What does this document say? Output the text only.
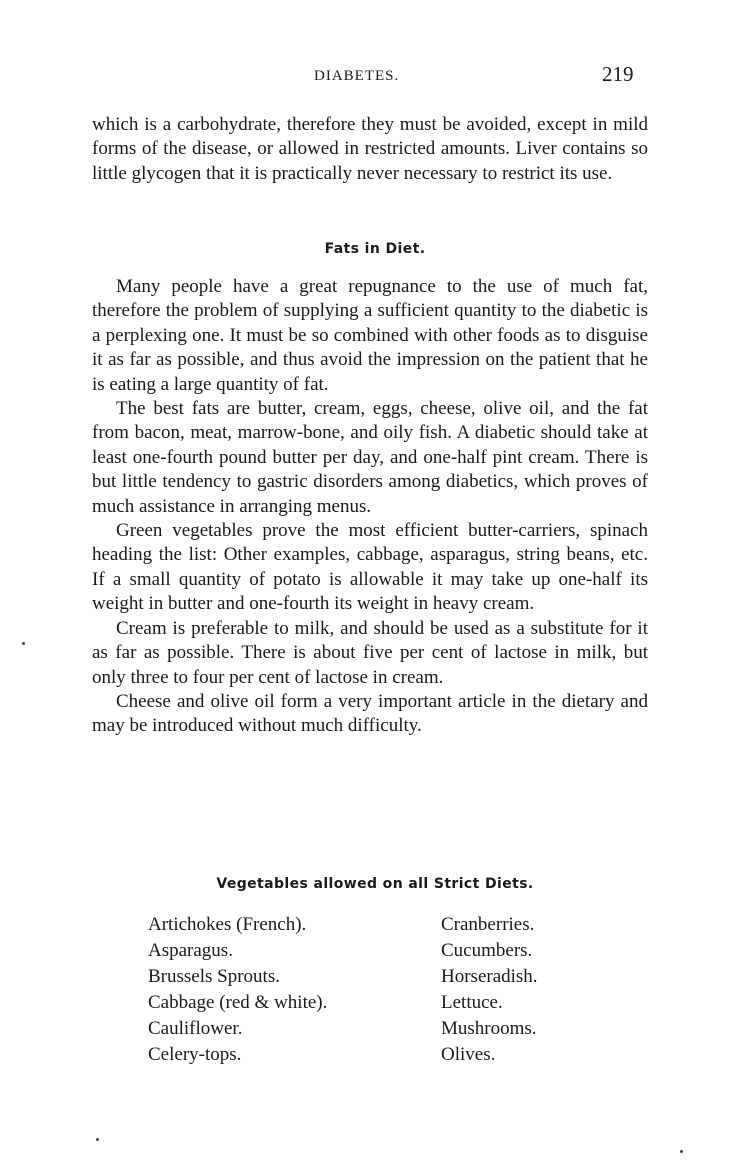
DIABETES.	219

which is a carbohydrate, therefore they must be avoided, except in mild forms of the disease, or allowed in restricted amounts. Liver contains so little glycogen that it is practically never necessary to restrict its use.

Fats in Diet.

Many people have a great repugnance to the use of much fat, therefore the problem of supplying a sufficient quantity to the diabetic is a perplexing one. It must be so combined with other foods as to disguise it as far as possible, and thus avoid the impression on the patient that he is eating a large quantity of fat.

The best fats are butter, cream, eggs, cheese, olive oil, and the fat from bacon, meat, marrow-bone, and oily fish. A diabetic should take at least one-fourth pound butter per day, and one-half pint cream. There is but little tendency to gastric disorders among diabetics, which proves of much assistance in arranging menus.

Green vegetables prove the most efficient butter-carriers, spinach heading the list: Other examples, cabbage, asparagus, string beans, etc. If a small quantity of potato is allowable it may take up one-half its weight in butter and one-fourth its weight in heavy cream.

Cream is preferable to milk, and should be used as a substitute for it as far as possible. There is about five per cent of lactose in milk, but only three to four per cent of lactose in cream.

Cheese and olive oil form a very important article in the dietary and may be introduced without much difficulty.

Vegetables allowed on all Strict Diets.
Artichokes (French).
Asparagus.
Brussels Sprouts.
Cabbage (red & white).
Cauliflower.
Celery-tops.
Cranberries.
Cucumbers.
Horseradish.
Lettuce.
Mushrooms.
Olives.
